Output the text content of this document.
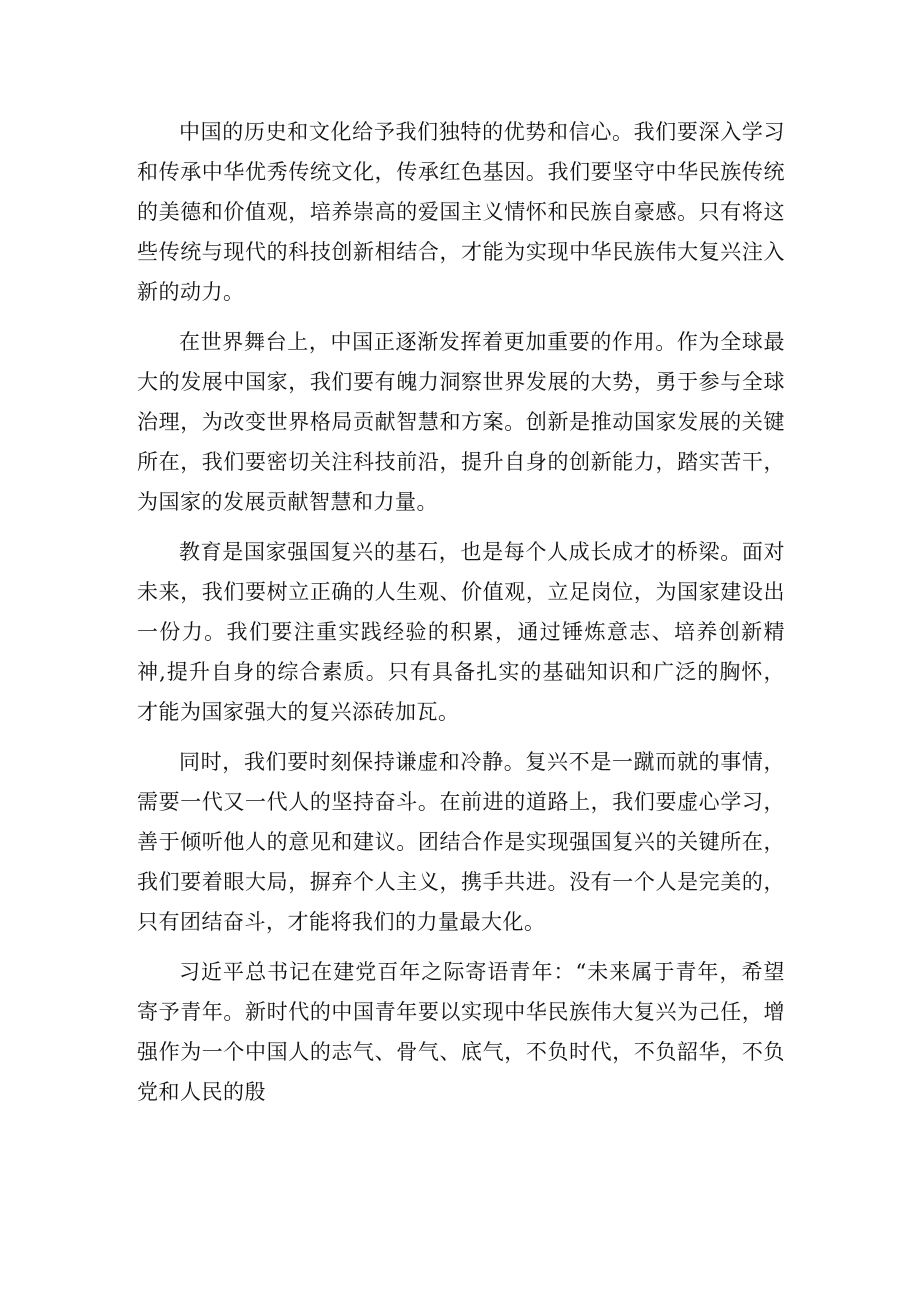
中国的历史和文化给予我们独特的优势和信心。我们要深入学习和传承中华优秀传统文化，传承红色基因。我们要坚守中华民族传统的美德和价值观，培养崇高的爱国主义情怀和民族自豪感。只有将这些传统与现代的科技创新相结合，才能为实现中华民族伟大复兴注入新的动力。

在世界舞台上，中国正逐渐发挥着更加重要的作用。作为全球最大的发展中国家，我们要有魄力洞察世界发展的大势，勇于参与全球治理，为改变世界格局贡献智慧和方案。创新是推动国家发展的关键所在，我们要密切关注科技前沿，提升自身的创新能力，踏实苦干，为国家的发展贡献智慧和力量。

教育是国家强国复兴的基石，也是每个人成长成才的桥梁。面对未来，我们要树立正确的人生观、价值观，立足岗位，为国家建设出一份力。我们要注重实践经验的积累，通过锤炼意志、培养创新精神,提升自身的综合素质。只有具备扎实的基础知识和广泛的胸怀，才能为国家强大的复兴添砖加瓦。

同时，我们要时刻保持谦虚和冷静。复兴不是一蹴而就的事情，需要一代又一代人的坚持奋斗。在前进的道路上，我们要虚心学习，善于倾听他人的意见和建议。团结合作是实现强国复兴的关键所在，我们要着眼大局，摒弃个人主义，携手共进。没有一个人是完美的，只有团结奋斗，才能将我们的力量最大化。

习近平总书记在建党百年之际寄语青年：“未来属于青年，希望寄予青年。新时代的中国青年要以实现中华民族伟大复兴为己任，增强作为一个中国人的志气、骨气、底气，不负时代，不负韶华，不负党和人民的殷
